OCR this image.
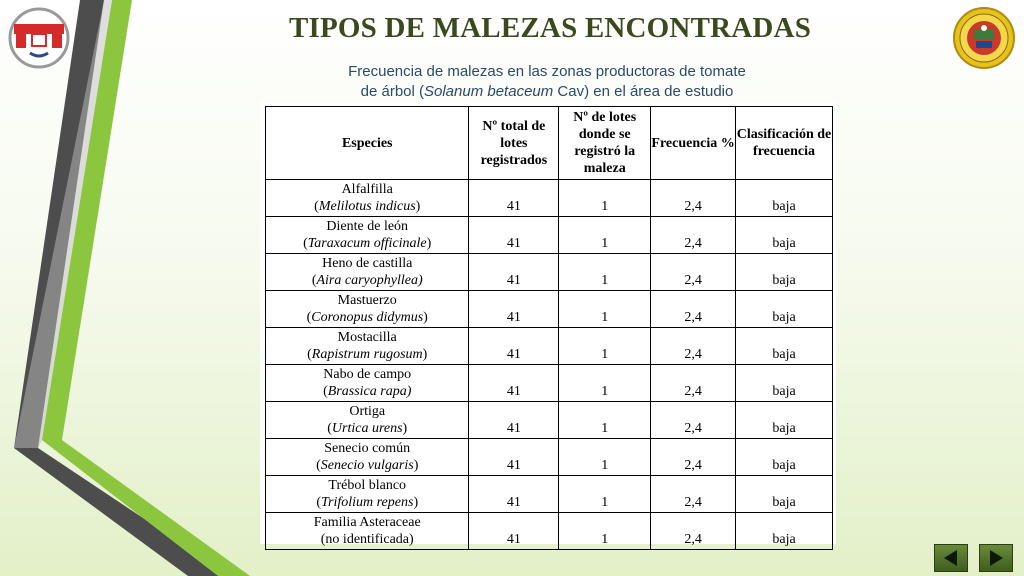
TIPOS DE MALEZAS ENCONTRADAS
Frecuencia de malezas en las zonas productoras de tomate
de árbol (Solanum betaceum Cav) en el área de estudio
Especies	Nº total de lotes registrados	Nº de lotes donde se registró la maleza	Frecuencia %	Clasificación de frecuencia

Alfalfilla
(Melilotus indicus)	41	1	2,4	baja

Diente de león
(Taraxacum officinale)	41	1	2,4	baja

Heno de castilla
(Aira caryophyllea)	41	1	2,4	baja

Mastuerzo
(Coronopus didymus)	41	1	2,4	baja

Mostacilla
(Rapistrum rugosum)	41	1	2,4	baja

Nabo de campo
(Brassica rapa)	41	1	2,4	baja

Ortiga
(Urtica urens)	41	1	2,4	baja

Senecio común
(Senecio vulgaris)	41	1	2,4	baja

Trébol blanco
(Trifolium repens)	41	1	2,4	baja

Familia Asteraceae
(no identificada)	41	1	2,4	baja
